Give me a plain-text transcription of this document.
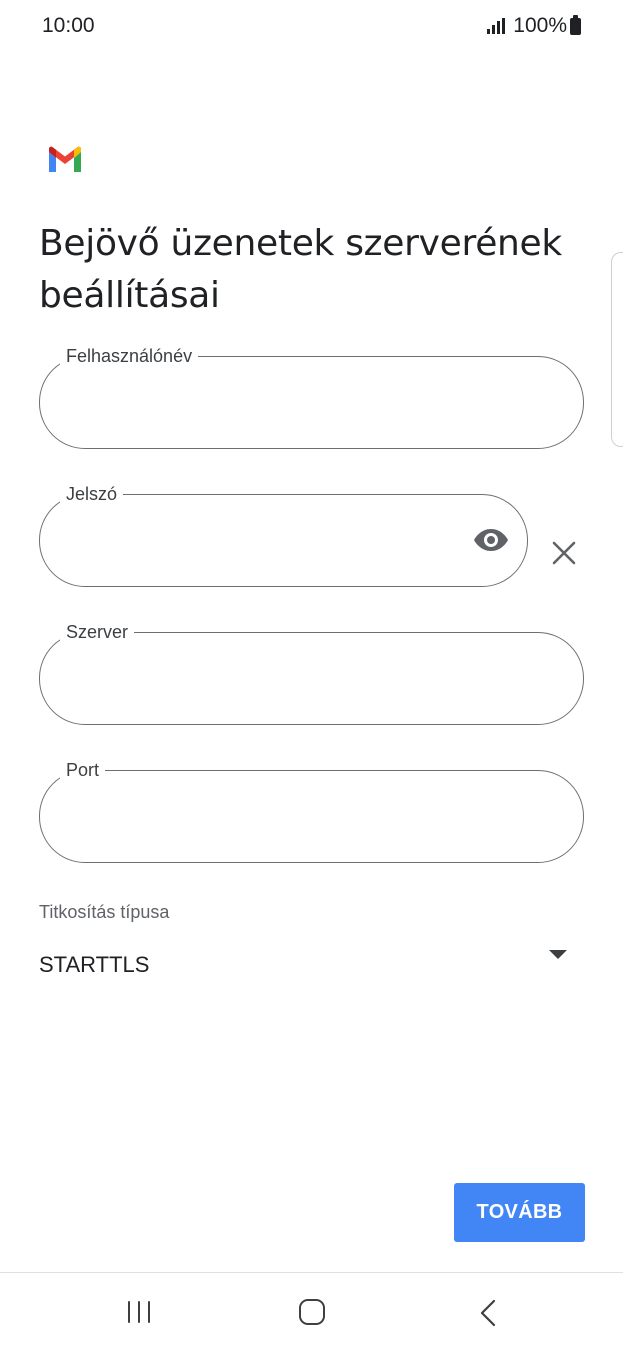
10:00	100%
Bejövő üzenetek szerverének beállításai
Felhasználónév
Jelszó
Szerver
Port
Titkosítás típusa
STARTTLS
TOVÁBB
